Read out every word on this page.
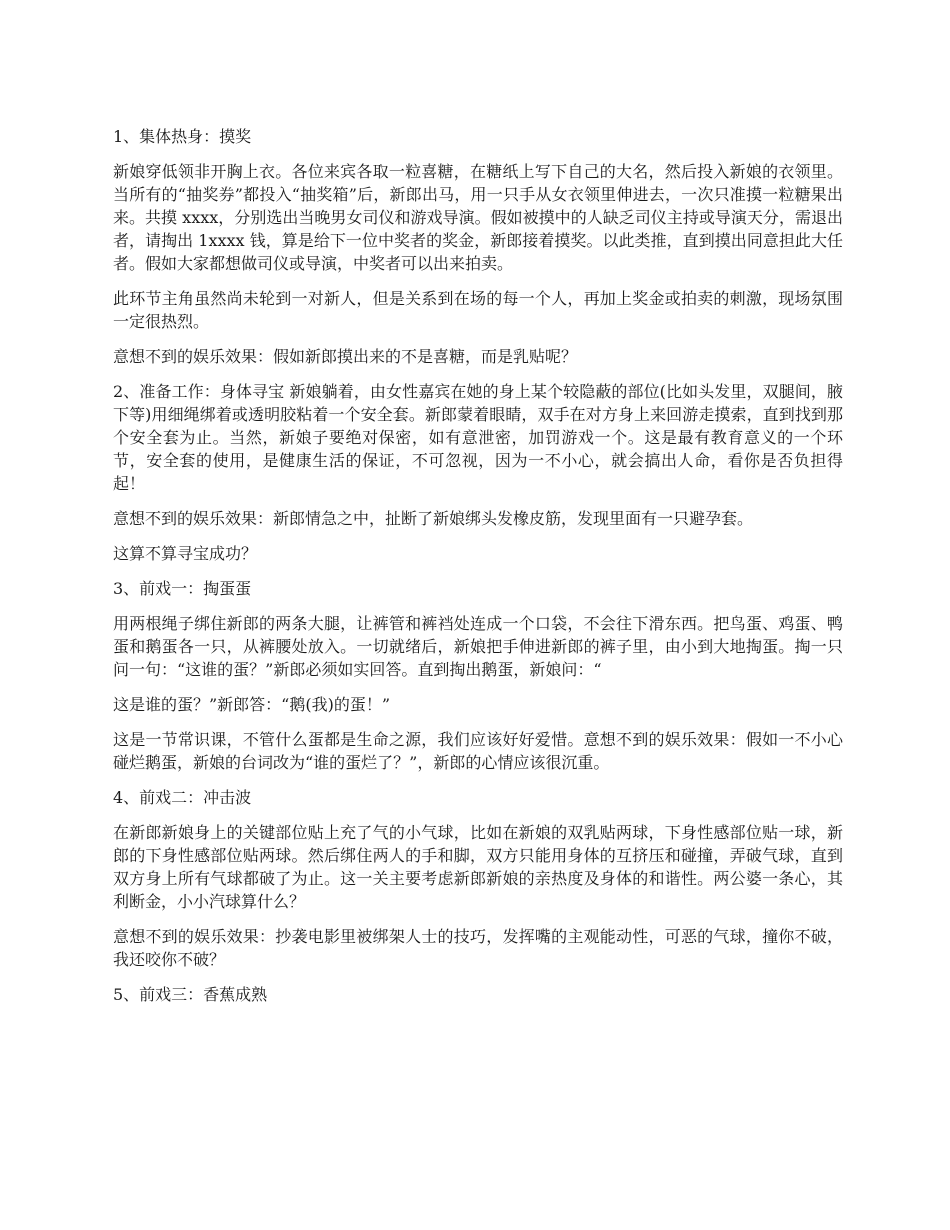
1、集体热身：摸奖

新娘穿低领非开胸上衣。各位来宾各取一粒喜糖，在糖纸上写下自己的大名，然后投入新娘的衣领里。当所有的“抽奖券”都投入“抽奖箱”后，新郎出马，用一只手从女衣领里伸进去，一次只准摸一粒糖果出来。共摸 xxxx，分别选出当晚男女司仪和游戏导演。假如被摸中的人缺乏司仪主持或导演天分，需退出者，请掏出 1xxxx 钱，算是给下一位中奖者的奖金，新郎接着摸奖。以此类推，直到摸出同意担此大任者。假如大家都想做司仪或导演，中奖者可以出来拍卖。

此环节主角虽然尚未轮到一对新人，但是关系到在场的每一个人，再加上奖金或拍卖的刺激，现场氛围一定很热烈。

意想不到的娱乐效果：假如新郎摸出来的不是喜糖，而是乳贴呢？

2、准备工作：身体寻宝 新娘躺着，由女性嘉宾在她的身上某个较隐蔽的部位(比如头发里，双腿间，腋下等)用细绳绑着或透明胶粘着一个安全套。新郎蒙着眼睛，双手在对方身上来回游走摸索，直到找到那个安全套为止。当然，新娘子要绝对保密，如有意泄密，加罚游戏一个。这是最有教育意义的一个环节，安全套的使用，是健康生活的保证，不可忽视，因为一不小心，就会搞出人命，看你是否负担得起！

意想不到的娱乐效果：新郎情急之中，扯断了新娘绑头发橡皮筋，发现里面有一只避孕套。

这算不算寻宝成功？

3、前戏一：掏蛋蛋

用两根绳子绑住新郎的两条大腿，让裤管和裤裆处连成一个口袋，不会往下滑东西。把鸟蛋、鸡蛋、鸭蛋和鹅蛋各一只，从裤腰处放入。一切就绪后，新娘把手伸进新郎的裤子里，由小到大地掏蛋。掏一只问一句：“这谁的蛋？”新郎必须如实回答。直到掏出鹅蛋，新娘问：“

这是谁的蛋？”新郎答：“鹅(我)的蛋！”

这是一节常识课，不管什么蛋都是生命之源，我们应该好好爱惜。意想不到的娱乐效果：假如一不小心碰烂鹅蛋，新娘的台词改为“谁的蛋烂了？”，新郎的心情应该很沉重。

4、前戏二：冲击波

在新郎新娘身上的关键部位贴上充了气的小气球，比如在新娘的双乳贴两球，下身性感部位贴一球，新郎的下身性感部位贴两球。然后绑住两人的手和脚，双方只能用身体的互挤压和碰撞，弄破气球，直到双方身上所有气球都破了为止。这一关主要考虑新郎新娘的亲热度及身体的和谐性。两公婆一条心，其利断金，小小汽球算什么？

意想不到的娱乐效果：抄袭电影里被绑架人士的技巧，发挥嘴的主观能动性，可恶的气球，撞你不破，我还咬你不破？

5、前戏三：香蕉成熟
